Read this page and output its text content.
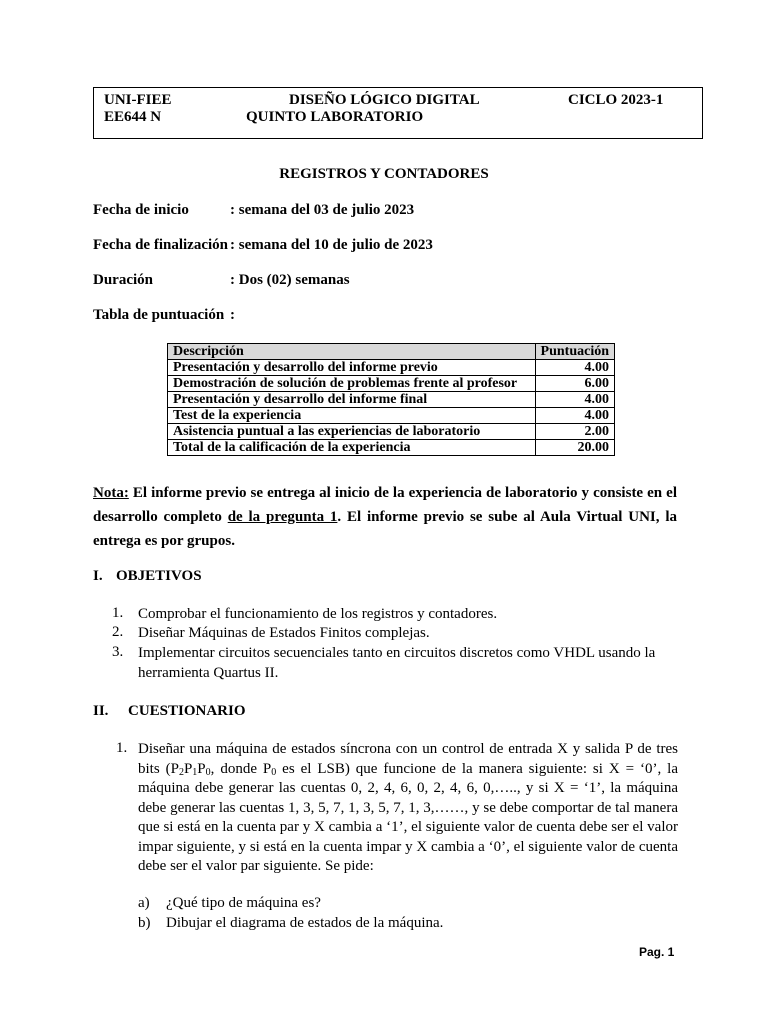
UNI-FIEE
EE644 N
DISEÑO LÓGICO DIGITAL
QUINTO LABORATORIO
CICLO 2023-1
REGISTROS Y CONTADORES
Fecha de inicio	: semana del 03 de julio 2023
Fecha de finalización : semana del 10 de julio de 2023
Duración	: Dos (02) semanas
Tabla de puntuación :
Descripción	Puntuación
Presentación y desarrollo del informe previo	4.00
Demostración de solución de problemas frente al profesor	6.00
Presentación y desarrollo del informe final	4.00
Test de la experiencia	4.00
Asistencia puntual a las experiencias de laboratorio	2.00
Total de la calificación de la experiencia	20.00
Nota: El informe previo se entrega al inicio de la experiencia de laboratorio y consiste en el desarrollo completo de la pregunta 1. El informe previo se sube al Aula Virtual UNI, la entrega es por grupos.
I. OBJETIVOS
1. Comprobar el funcionamiento de los registros y contadores.
2. Diseñar Máquinas de Estados Finitos complejas.
3. Implementar circuitos secuenciales tanto en circuitos discretos como VHDL usando la herramienta Quartus II.
II. CUESTIONARIO
1. Diseñar una máquina de estados síncrona con un control de entrada X y salida P de tres bits ($P_2P_1P_0$, donde $P_0$ es el LSB) que funcione de la manera siguiente: si X = ‘0’, la máquina debe generar las cuentas 0, 2, 4, 6, 0, 2, 4, 6, 0,….., y si X = ‘1’, la máquina debe generar las cuentas 1, 3, 5, 7, 1, 3, 5, 7, 1, 3,……, y se debe comportar de tal manera que si está en la cuenta par y X cambia a ‘1’, el siguiente valor de cuenta debe ser el valor impar siguiente, y si está en la cuenta impar y X cambia a ‘0’, el siguiente valor de cuenta debe ser el valor par siguiente. Se pide:
a) ¿Qué tipo de máquina es?
b) Dibujar el diagrama de estados de la máquina.
Pag. 1
